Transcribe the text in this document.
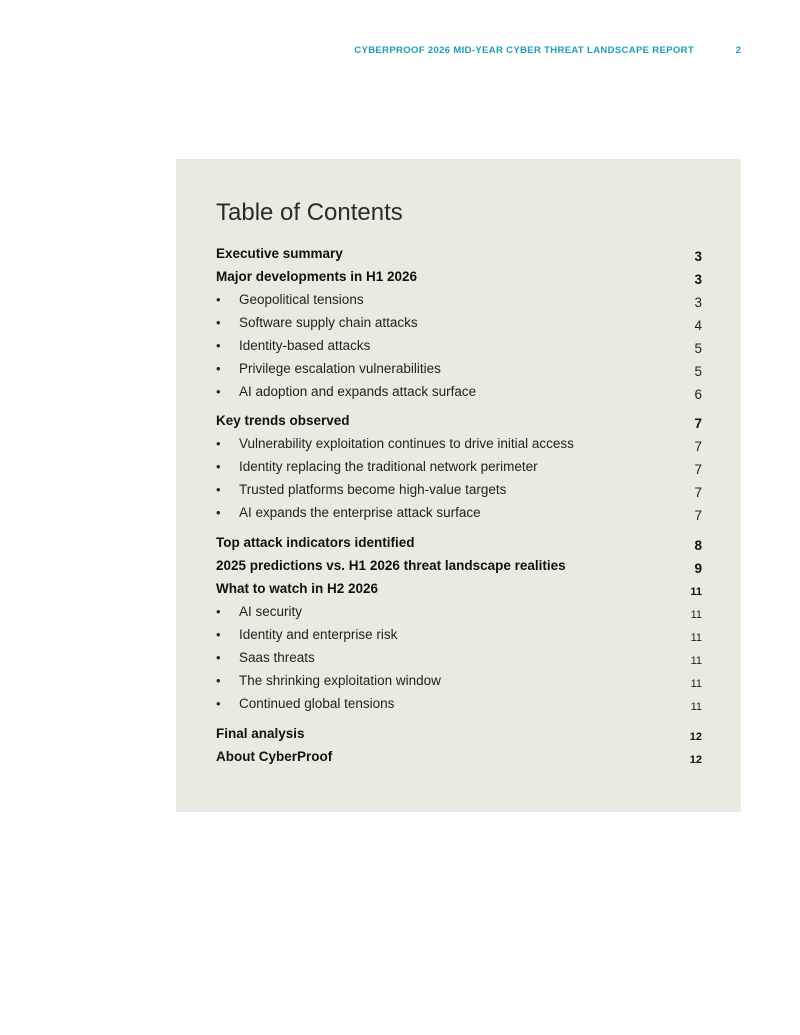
CYBERPROOF 2026 MID-YEAR CYBER THREAT LANDSCAPE REPORT	2
Table of Contents
Executive summary	3
Major developments in H1 2026	3
• Geopolitical tensions	3
• Software supply chain attacks	4
• Identity-based attacks	5
• Privilege escalation vulnerabilities	5
• AI adoption and expands attack surface	6
Key trends observed	7
• Vulnerability exploitation continues to drive initial access	7
• Identity replacing the traditional network perimeter	7
• Trusted platforms become high-value targets	7
• AI expands the enterprise attack surface	7
Top attack indicators identified	8
2025 predictions vs. H1 2026 threat landscape realities	9
What to watch in H2 2026	11
• AI security	11
• Identity and enterprise risk	11
• Saas threats	11
• The shrinking exploitation window	11
• Continued global tensions	11
Final analysis	12
About CyberProof	12
